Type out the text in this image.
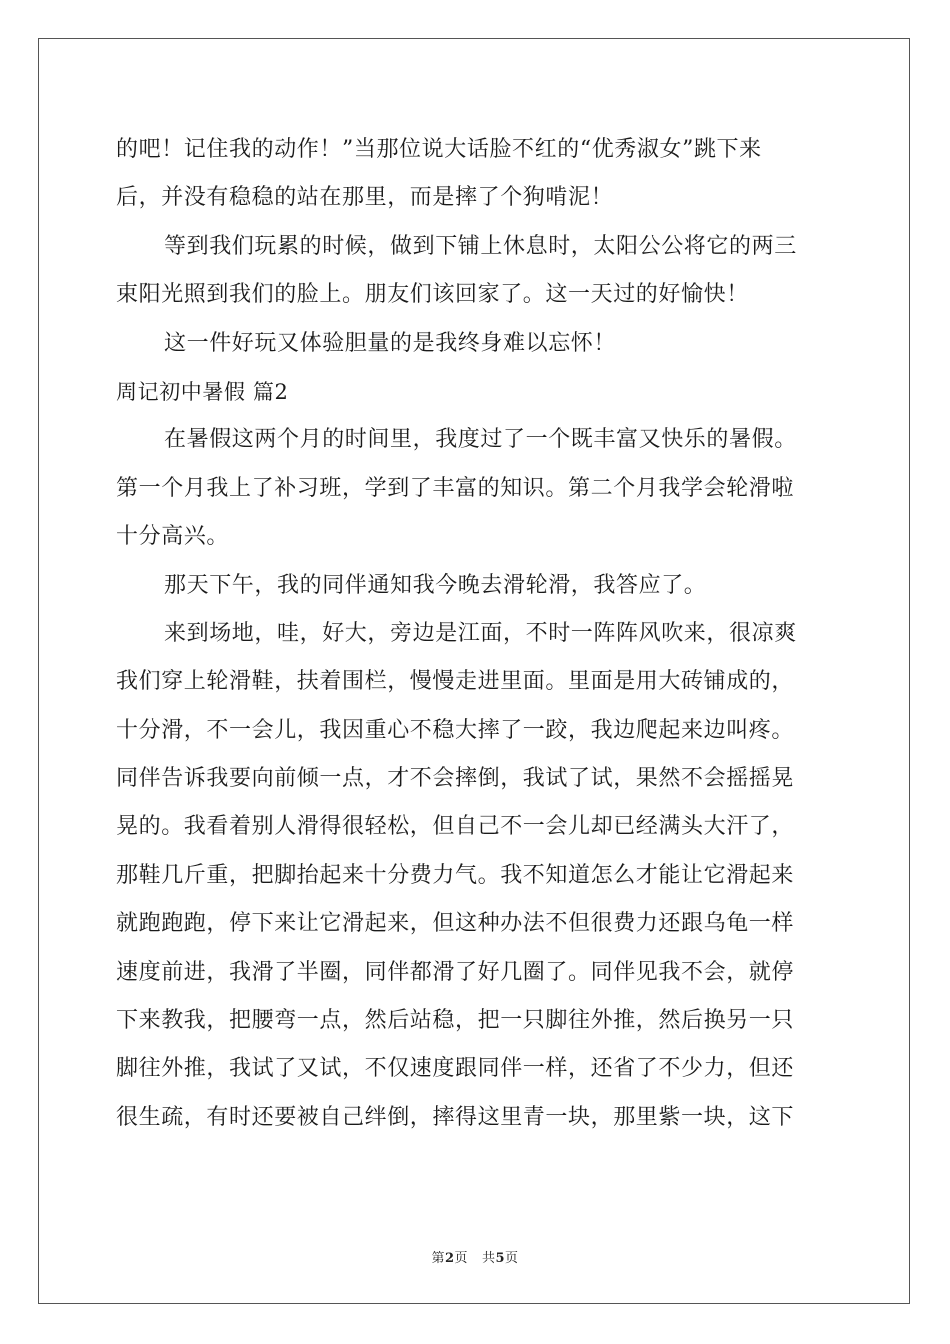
的吧！记住我的动作！”当那位说大话脸不红的“优秀淑女”跳下来
后，并没有稳稳的站在那里，而是摔了个狗啃泥！
等到我们玩累的时候，做到下铺上休息时，太阳公公将它的两三
束阳光照到我们的脸上。朋友们该回家了。这一天过的好愉快！
这一件好玩又体验胆量的是我终身难以忘怀！
周记初中暑假 篇2
在暑假这两个月的时间里，我度过了一个既丰富又快乐的暑假。
第一个月我上了补习班，学到了丰富的知识。第二个月我学会轮滑啦
十分高兴。
那天下午，我的同伴通知我今晚去滑轮滑，我答应了。
来到场地，哇，好大，旁边是江面，不时一阵阵风吹来，很凉爽
我们穿上轮滑鞋，扶着围栏，慢慢走进里面。里面是用大砖铺成的，
十分滑，不一会儿，我因重心不稳大摔了一跤，我边爬起来边叫疼。
同伴告诉我要向前倾一点，才不会摔倒，我试了试，果然不会摇摇晃
晃的。我看着别人滑得很轻松，但自己不一会儿却已经满头大汗了，
那鞋几斤重，把脚抬起来十分费力气。我不知道怎么才能让它滑起来
就跑跑跑，停下来让它滑起来，但这种办法不但很费力还跟乌龟一样
速度前进，我滑了半圈，同伴都滑了好几圈了。同伴见我不会，就停
下来教我，把腰弯一点，然后站稳，把一只脚往外推，然后换另一只
脚往外推，我试了又试，不仅速度跟同伴一样，还省了不少力，但还
很生疏，有时还要被自己绊倒，摔得这里青一块，那里紫一块，这下
第2页 共5页
